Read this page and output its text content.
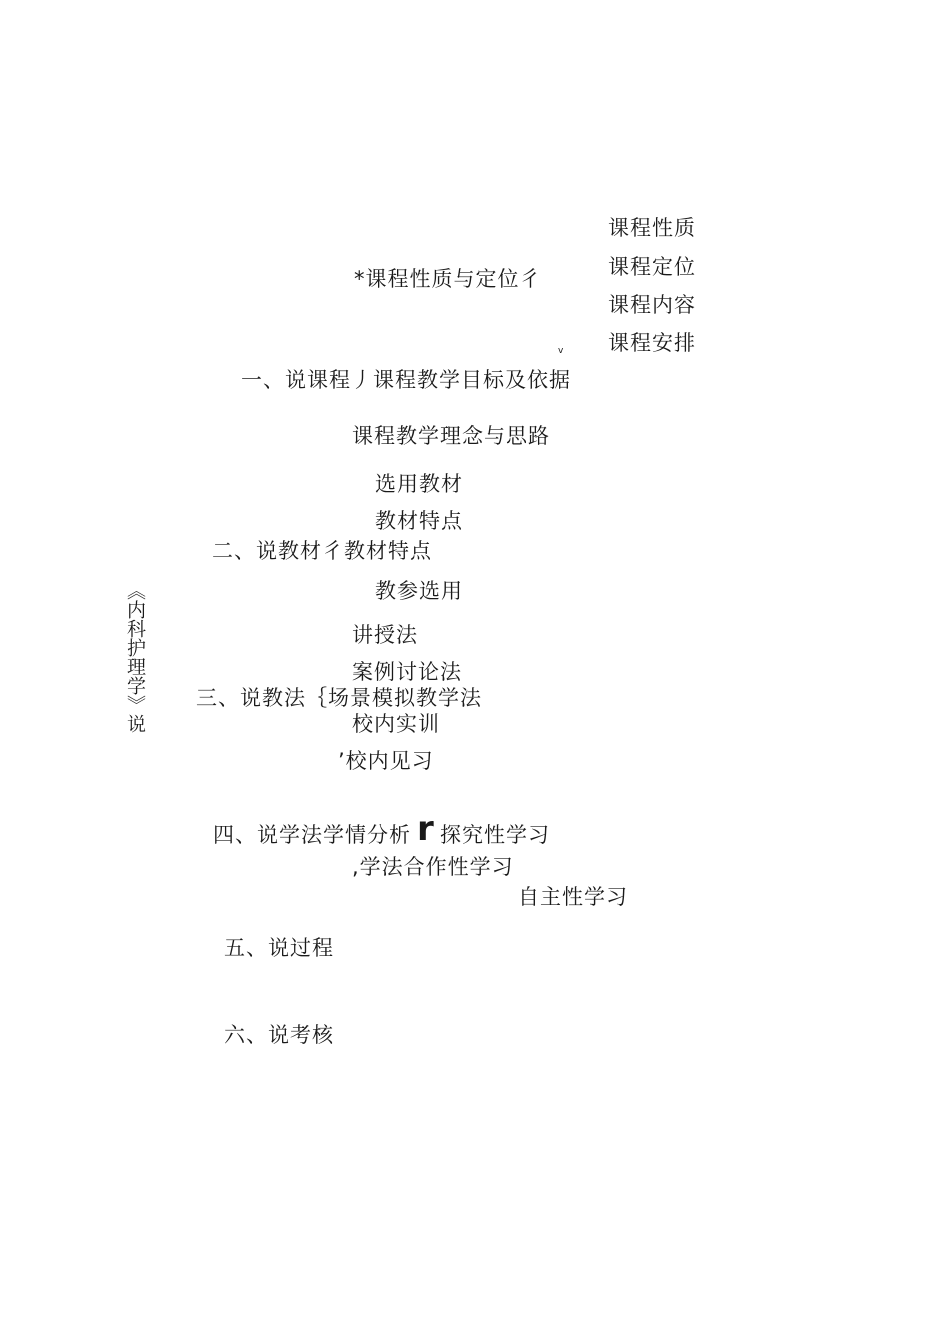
《内科护理学》说
课程性质
课程定位
*课程性质与定位彳
课程内容
v 课程安排
一、说课程丿课程教学目标及依据
课程教学理念与思路
选用教材
教材特点
二、说教材彳教材特点
教参选用
讲授法
案例讨论法
三、说教法｛场景模拟教学法
校内实训
’校内见习
四、说学法学情分析 r 探究性学习
,学法合作性学习
自主性学习
五、说过程
六、说考核
